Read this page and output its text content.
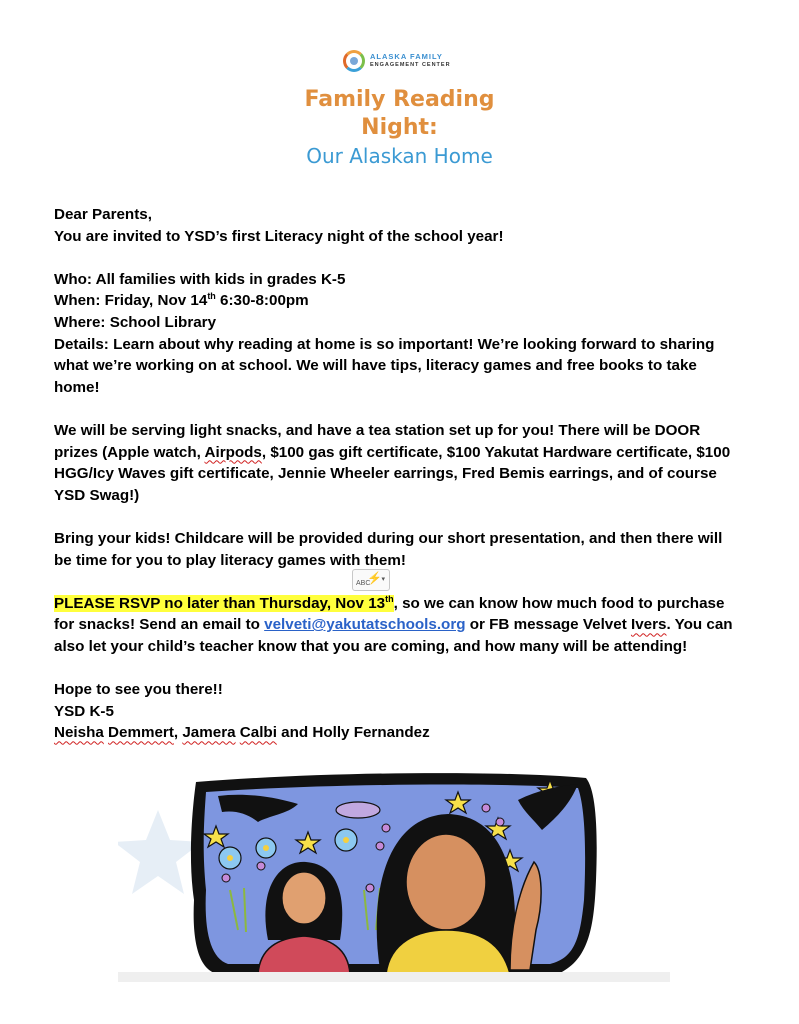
ALASKA FAMILY
ENGAGEMENT CENTER
Family Reading
Night:
Our Alaskan Home

Dear Parents,

You are invited to YSD’s first Literacy night of the school year!

Who: All families with kids in grades K-5

When: Friday, Nov 14th 6:30-8:00pm

Where: School Library

Details: Learn about why reading at home is so important! We’re looking forward to sharing what we’re working on at school. We will have tips, literacy games and free books to take home!

We will be serving light snacks, and have a tea station set up for you! There will be DOOR prizes (Apple watch, Airpods, $100 gas gift certificate, $100 Yakutat Hardware certificate, $100 HGG/Icy Waves gift certificate, Jennie Wheeler earrings, Fred Bemis earrings, and of course YSD Swag!)

Bring your kids! Childcare will be provided during our short presentation, and then there will be time for you to play literacy games with them!

PLEASE RSVP no later than Thursday, Nov 13th, so we can know how much food to purchase for snacks! Send an email to velveti@yakutatschools.org or FB message Velvet Ivers. You can also let your child’s teacher know that you are coming, and how many will be attending!

Hope to see you there!!

YSD K-5

Neisha Demmert, Jamera Calbi and Holly Fernandez

ABC
⚡ ▾
